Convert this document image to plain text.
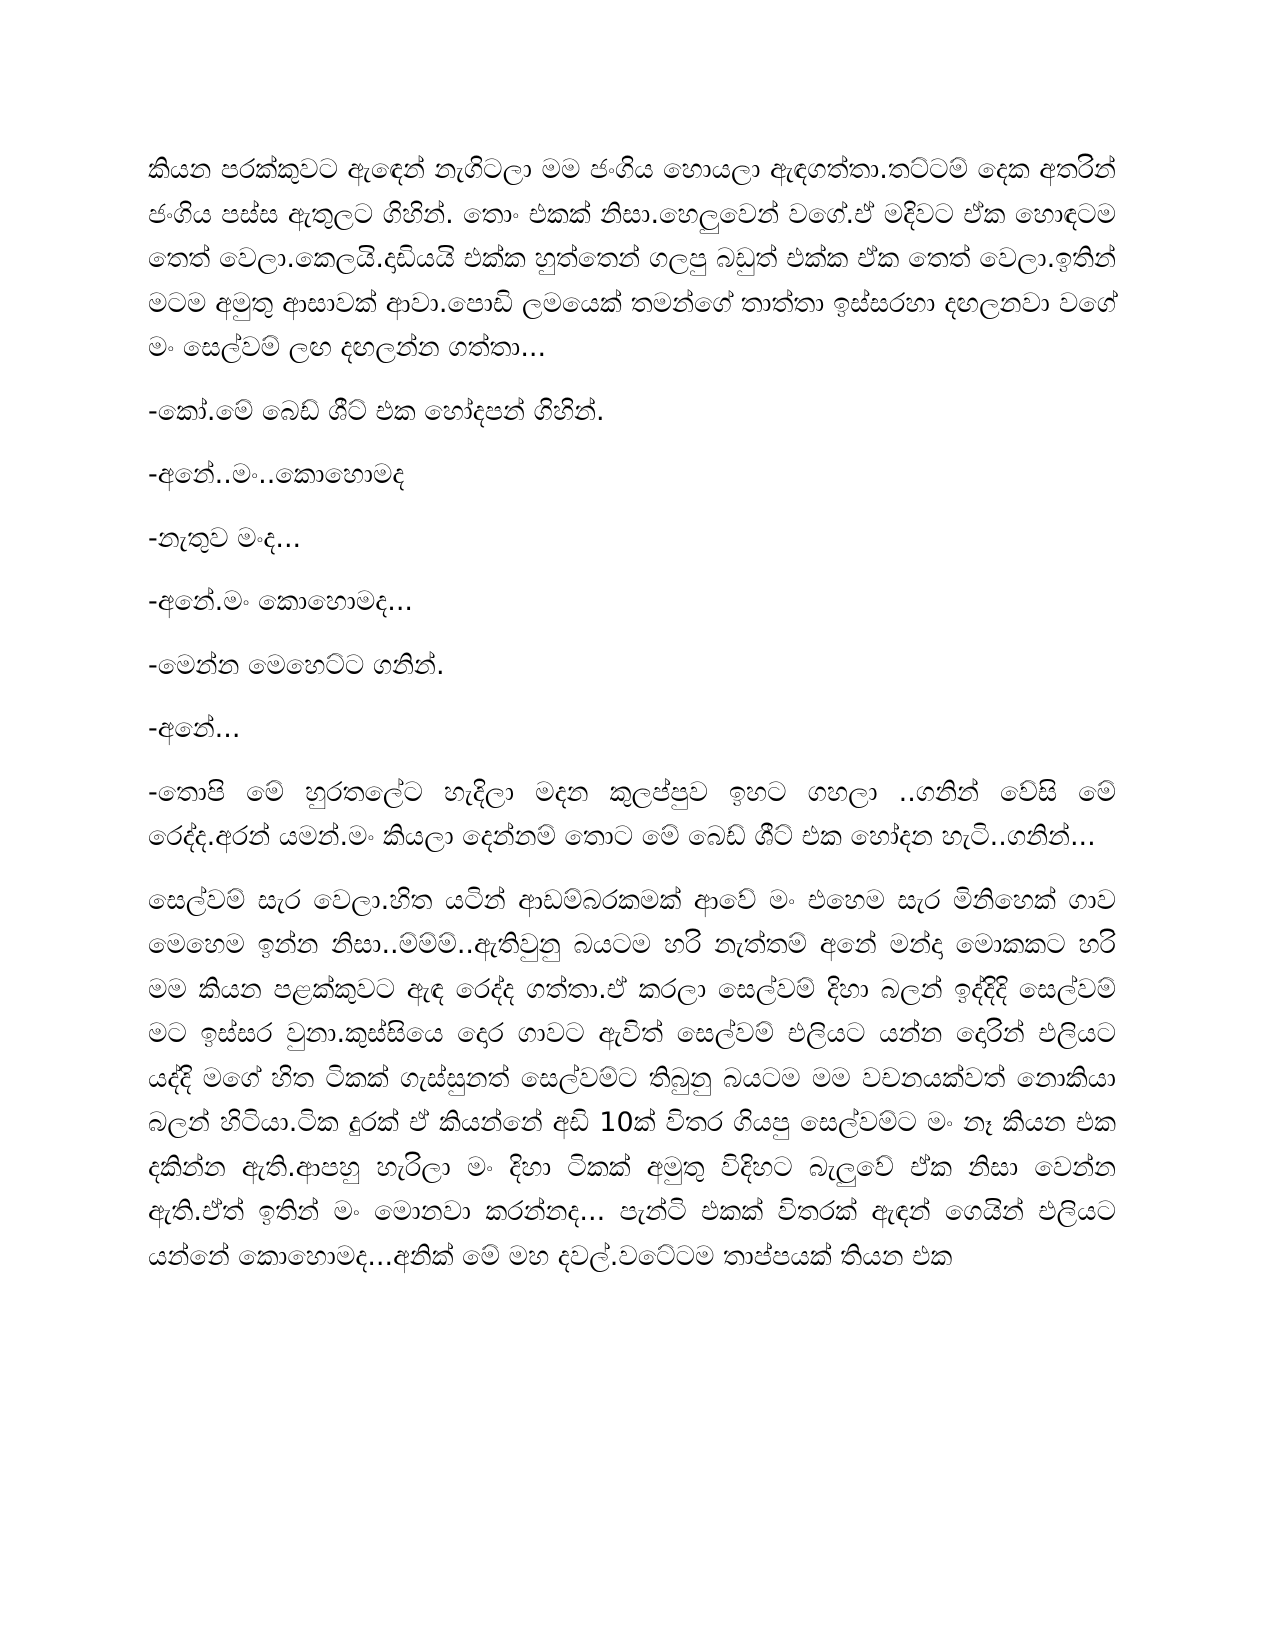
කියන පරක්කුවට ඇඳෙන් නැගිටලා මම ජංගිය හොයලා ඇඳගත්තා.තට්ටම් දෙක අතරින් ජංගිය පස්ස ඇතුලට ගිහින්. තොං එකක් නිසා.හෙලුවෙන් වගේ.ඒ මදිවට ඒක හොඳටම තෙත් වෙලා.කෙලයි.දාඩියයි එක්ක හුත්තෙන් ගලපු බඩුත් එක්ක ඒක තෙත් වෙලා.ඉතින් මටම අමුතු ආසාවක් ආවා.පොඩි ලමයෙක් තමන්ගේ තාත්තා ඉස්සරහා දඟලනවා වගේ මං සෙල්වම් ලඟ දඟලන්න ගත්තා...

-කෝ.මේ බෙඩ් ශීට් එක හෝදපන් ගිහින්.

-අනේ..මං..කොහොමද

-නැතුව මංද...

-අනේ.මං කොහොමද...

-මෙන්න මෙහෙට්ට ගනින්.

-අනේ...

-තොපි මේ හුරතලේට හැදිලා මදන කුලප්පුව ඉහට ගහලා ..ගනින් වේසි මේ රෙද්ද.අරන් යමන්.මං කියලා දෙන්නම් තොට මේ බෙඩ් ශීට් එක හෝදන හැටි..ගනින්...

සෙල්වම් සැර වෙලා.හිත යටින් ආඩම්බරකමක් ආවේ මං එහෙම සැර මිනිහෙක් ගාව මෙහෙම ඉන්න නිසා..ම්ම්ම්..ඇතිවුනු බයටම හරි නැත්තම් අනේ මන්දා මොකකට හරි මම කියන පළක්කුවට ඇඳ රෙද්ද ගත්තා.ඒ කරලා සෙල්වම් දිහා බලන් ඉද්දිදි සෙල්වම් මට ඉස්සර වුනා.කුස්සියෙ දොර ගාවට ඇවිත් සෙල්වම් එලියට යන්න දොරින් එලියට යද්දි මගේ හිත ටිකක් ගැස්සුනත් සෙල්වම්ට තිබුනු බයටම මම වචනයක්වත් නොකියා බලන් හිටියා.ටික දුරක් ඒ කියන්නේ අඩි 10ක් විතර ගියපු සෙල්වම්ට මං නෑ කියන එක දකින්න ඇති.ආපහු හැරිලා මං දිහා ටිකක් අමුතු විදිහට බැලුවේ ඒක නිසා වෙන්න ඇති.ඒත් ඉතින් මං මොනවා කරන්නද... පැන්ටි එකක් විතරක් ඇඳන් ගෙයින් එලියට යන්නේ කොහොමද...අනික් මේ මහ දවල්.වටේටම තාප්පයක් තියන එක
